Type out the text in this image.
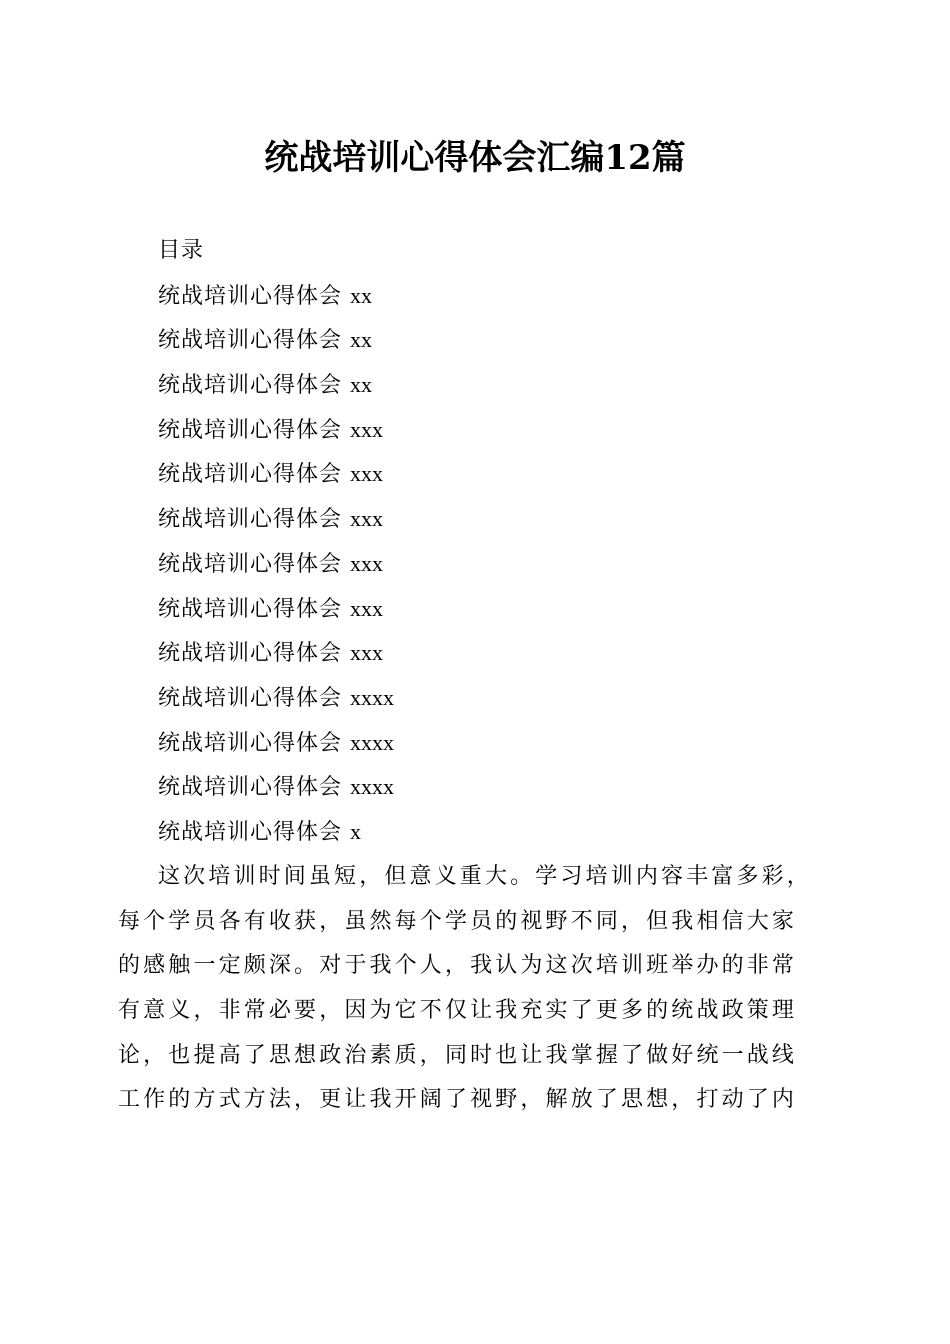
统战培训心得体会汇编12篇
目录
统战培训心得体会 xx
统战培训心得体会 xx
统战培训心得体会 xx
统战培训心得体会 xxx
统战培训心得体会 xxx
统战培训心得体会 xxx
统战培训心得体会 xxx
统战培训心得体会 xxx
统战培训心得体会 xxx
统战培训心得体会 xxxx
统战培训心得体会 xxxx
统战培训心得体会 xxxx
统战培训心得体会 x
这次培训时间虽短，但意义重大。学习培训内容丰富多彩，
每个学员各有收获，虽然每个学员的视野不同，但我相信大家
的感触一定颇深。对于我个人，我认为这次培训班举办的非常
有意义，非常必要，因为它不仅让我充实了更多的统战政策理
论，也提高了思想政治素质，同时也让我掌握了做好统一战线
工作的方式方法，更让我开阔了视野，解放了思想，打动了内
